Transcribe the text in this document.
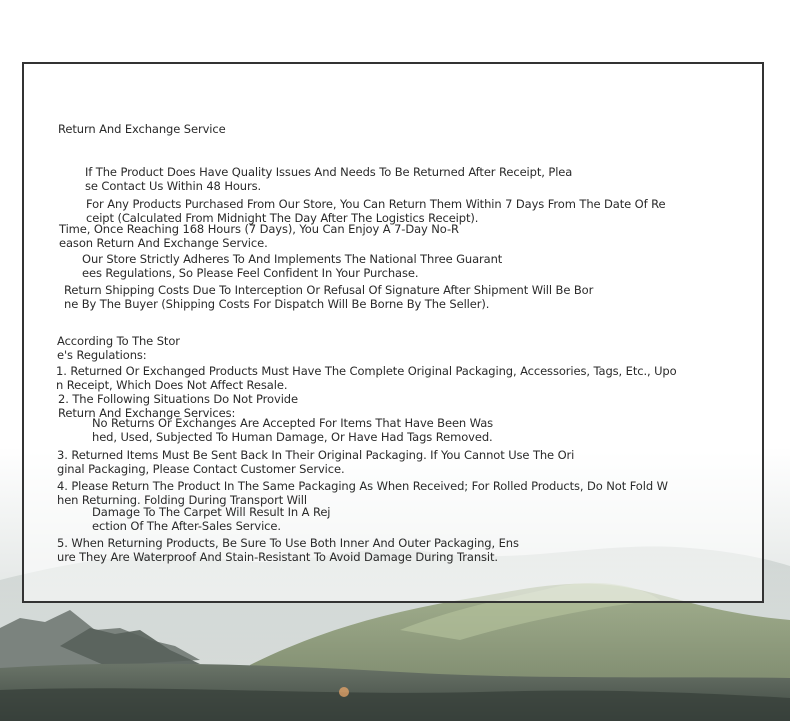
Return And Exchange Service

If The Product Does Have Quality Issues And Needs To Be Returned After Receipt, Plea

se Contact Us Within 48 Hours.

For Any Products Purchased From Our Store, You Can Return Them Within 7 Days From The Date Of Re

ceipt (Calculated From Midnight The Day After The Logistics Receipt).

Time, Once Reaching 168 Hours (7 Days), You Can Enjoy A 7-Day No-R

eason Return And Exchange Service.

Our Store Strictly Adheres To And Implements The National Three Guarant

ees Regulations, So Please Feel Confident In Your Purchase.

Return Shipping Costs Due To Interception Or Refusal Of Signature After Shipment Will Be Bor

ne By The Buyer (Shipping Costs For Dispatch Will Be Borne By The Seller).

According To The Stor

e's Regulations:

1. Returned Or Exchanged Products Must Have The Complete Original Packaging, Accessories, Tags, Etc., Upo

n Receipt, Which Does Not Affect Resale.

2. The Following Situations Do Not Provide

Return And Exchange Services:

No Returns Or Exchanges Are Accepted For Items That Have Been Was

hed, Used, Subjected To Human Damage, Or Have Had Tags Removed.

3. Returned Items Must Be Sent Back In Their Original Packaging. If You Cannot Use The Ori

ginal Packaging, Please Contact Customer Service.

4. Please Return The Product In The Same Packaging As When Received; For Rolled Products, Do Not Fold W

hen Returning. Folding During Transport Will

Damage To The Carpet Will Result In A Rej

ection Of The After-Sales Service.

5. When Returning Products, Be Sure To Use Both Inner And Outer Packaging, Ens

ure They Are Waterproof And Stain-Resistant To Avoid Damage During Transit.
